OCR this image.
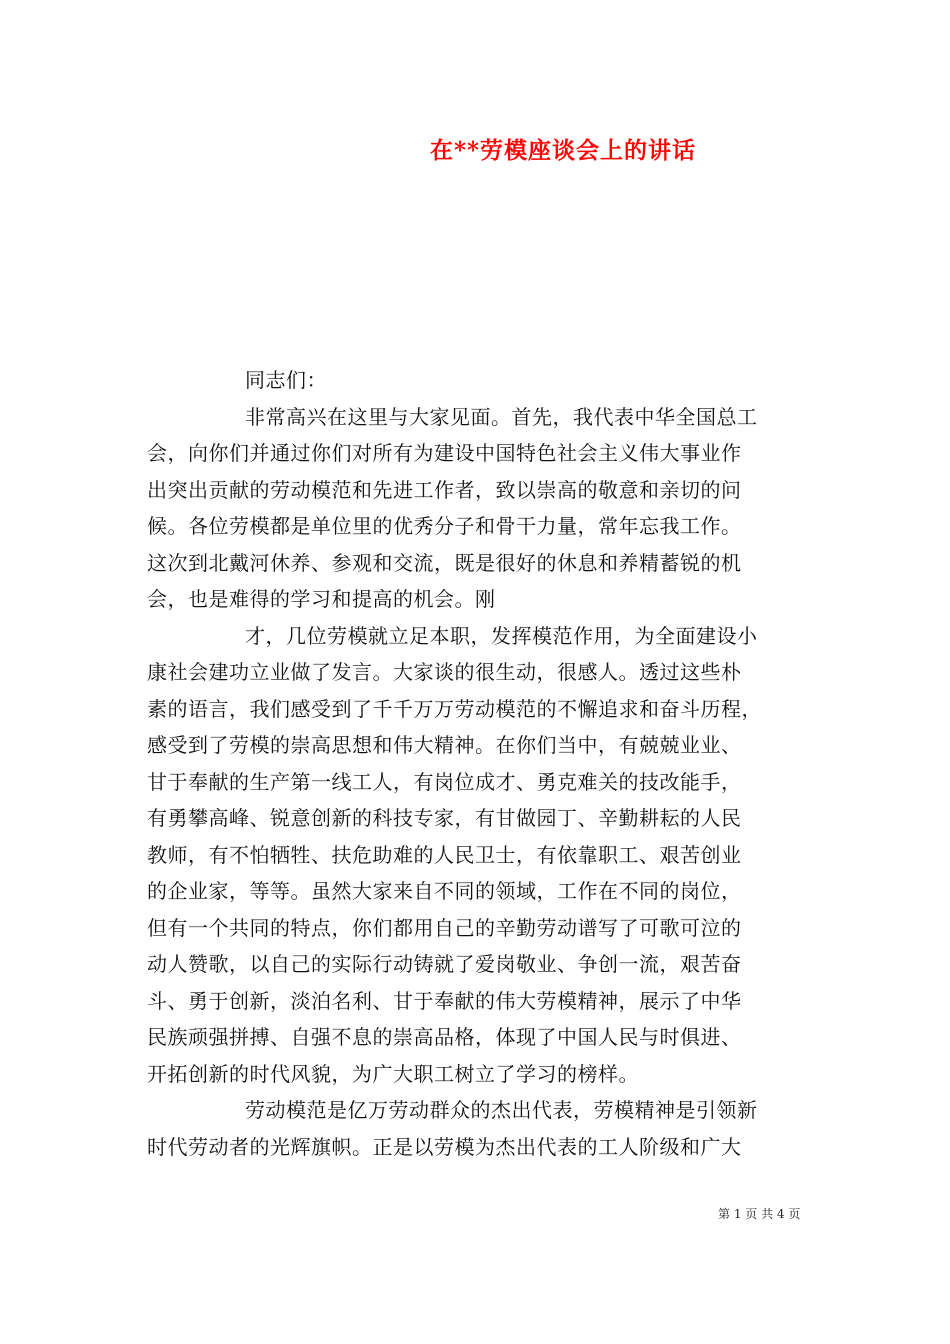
在**劳模座谈会上的讲话
同志们：
非常高兴在这里与大家见面。首先，我代表中华全国总工
会，向你们并通过你们对所有为建设中国特色社会主义伟大事业作
出突出贡献的劳动模范和先进工作者，致以崇高的敬意和亲切的问
候。各位劳模都是单位里的优秀分子和骨干力量，常年忘我工作。
这次到北戴河休养、参观和交流，既是很好的休息和养精蓄锐的机
会，也是难得的学习和提高的机会。刚
才，几位劳模就立足本职，发挥模范作用，为全面建设小
康社会建功立业做了发言。大家谈的很生动，很感人。透过这些朴
素的语言，我们感受到了千千万万劳动模范的不懈追求和奋斗历程，
感受到了劳模的崇高思想和伟大精神。在你们当中，有兢兢业业、
甘于奉献的生产第一线工人，有岗位成才、勇克难关的技改能手，
有勇攀高峰、锐意创新的科技专家，有甘做园丁、辛勤耕耘的人民
教师，有不怕牺牲、扶危助难的人民卫士，有依靠职工、艰苦创业
的企业家，等等。虽然大家来自不同的领域，工作在不同的岗位，
但有一个共同的特点，你们都用自己的辛勤劳动谱写了可歌可泣的
动人赞歌，以自己的实际行动铸就了爱岗敬业、争创一流，艰苦奋
斗、勇于创新，淡泊名利、甘于奉献的伟大劳模精神，展示了中华
民族顽强拼搏、自强不息的崇高品格，体现了中国人民与时俱进、
开拓创新的时代风貌，为广大职工树立了学习的榜样。
劳动模范是亿万劳动群众的杰出代表，劳模精神是引领新
时代劳动者的光辉旗帜。正是以劳模为杰出代表的工人阶级和广大
第 1 页 共 4 页
